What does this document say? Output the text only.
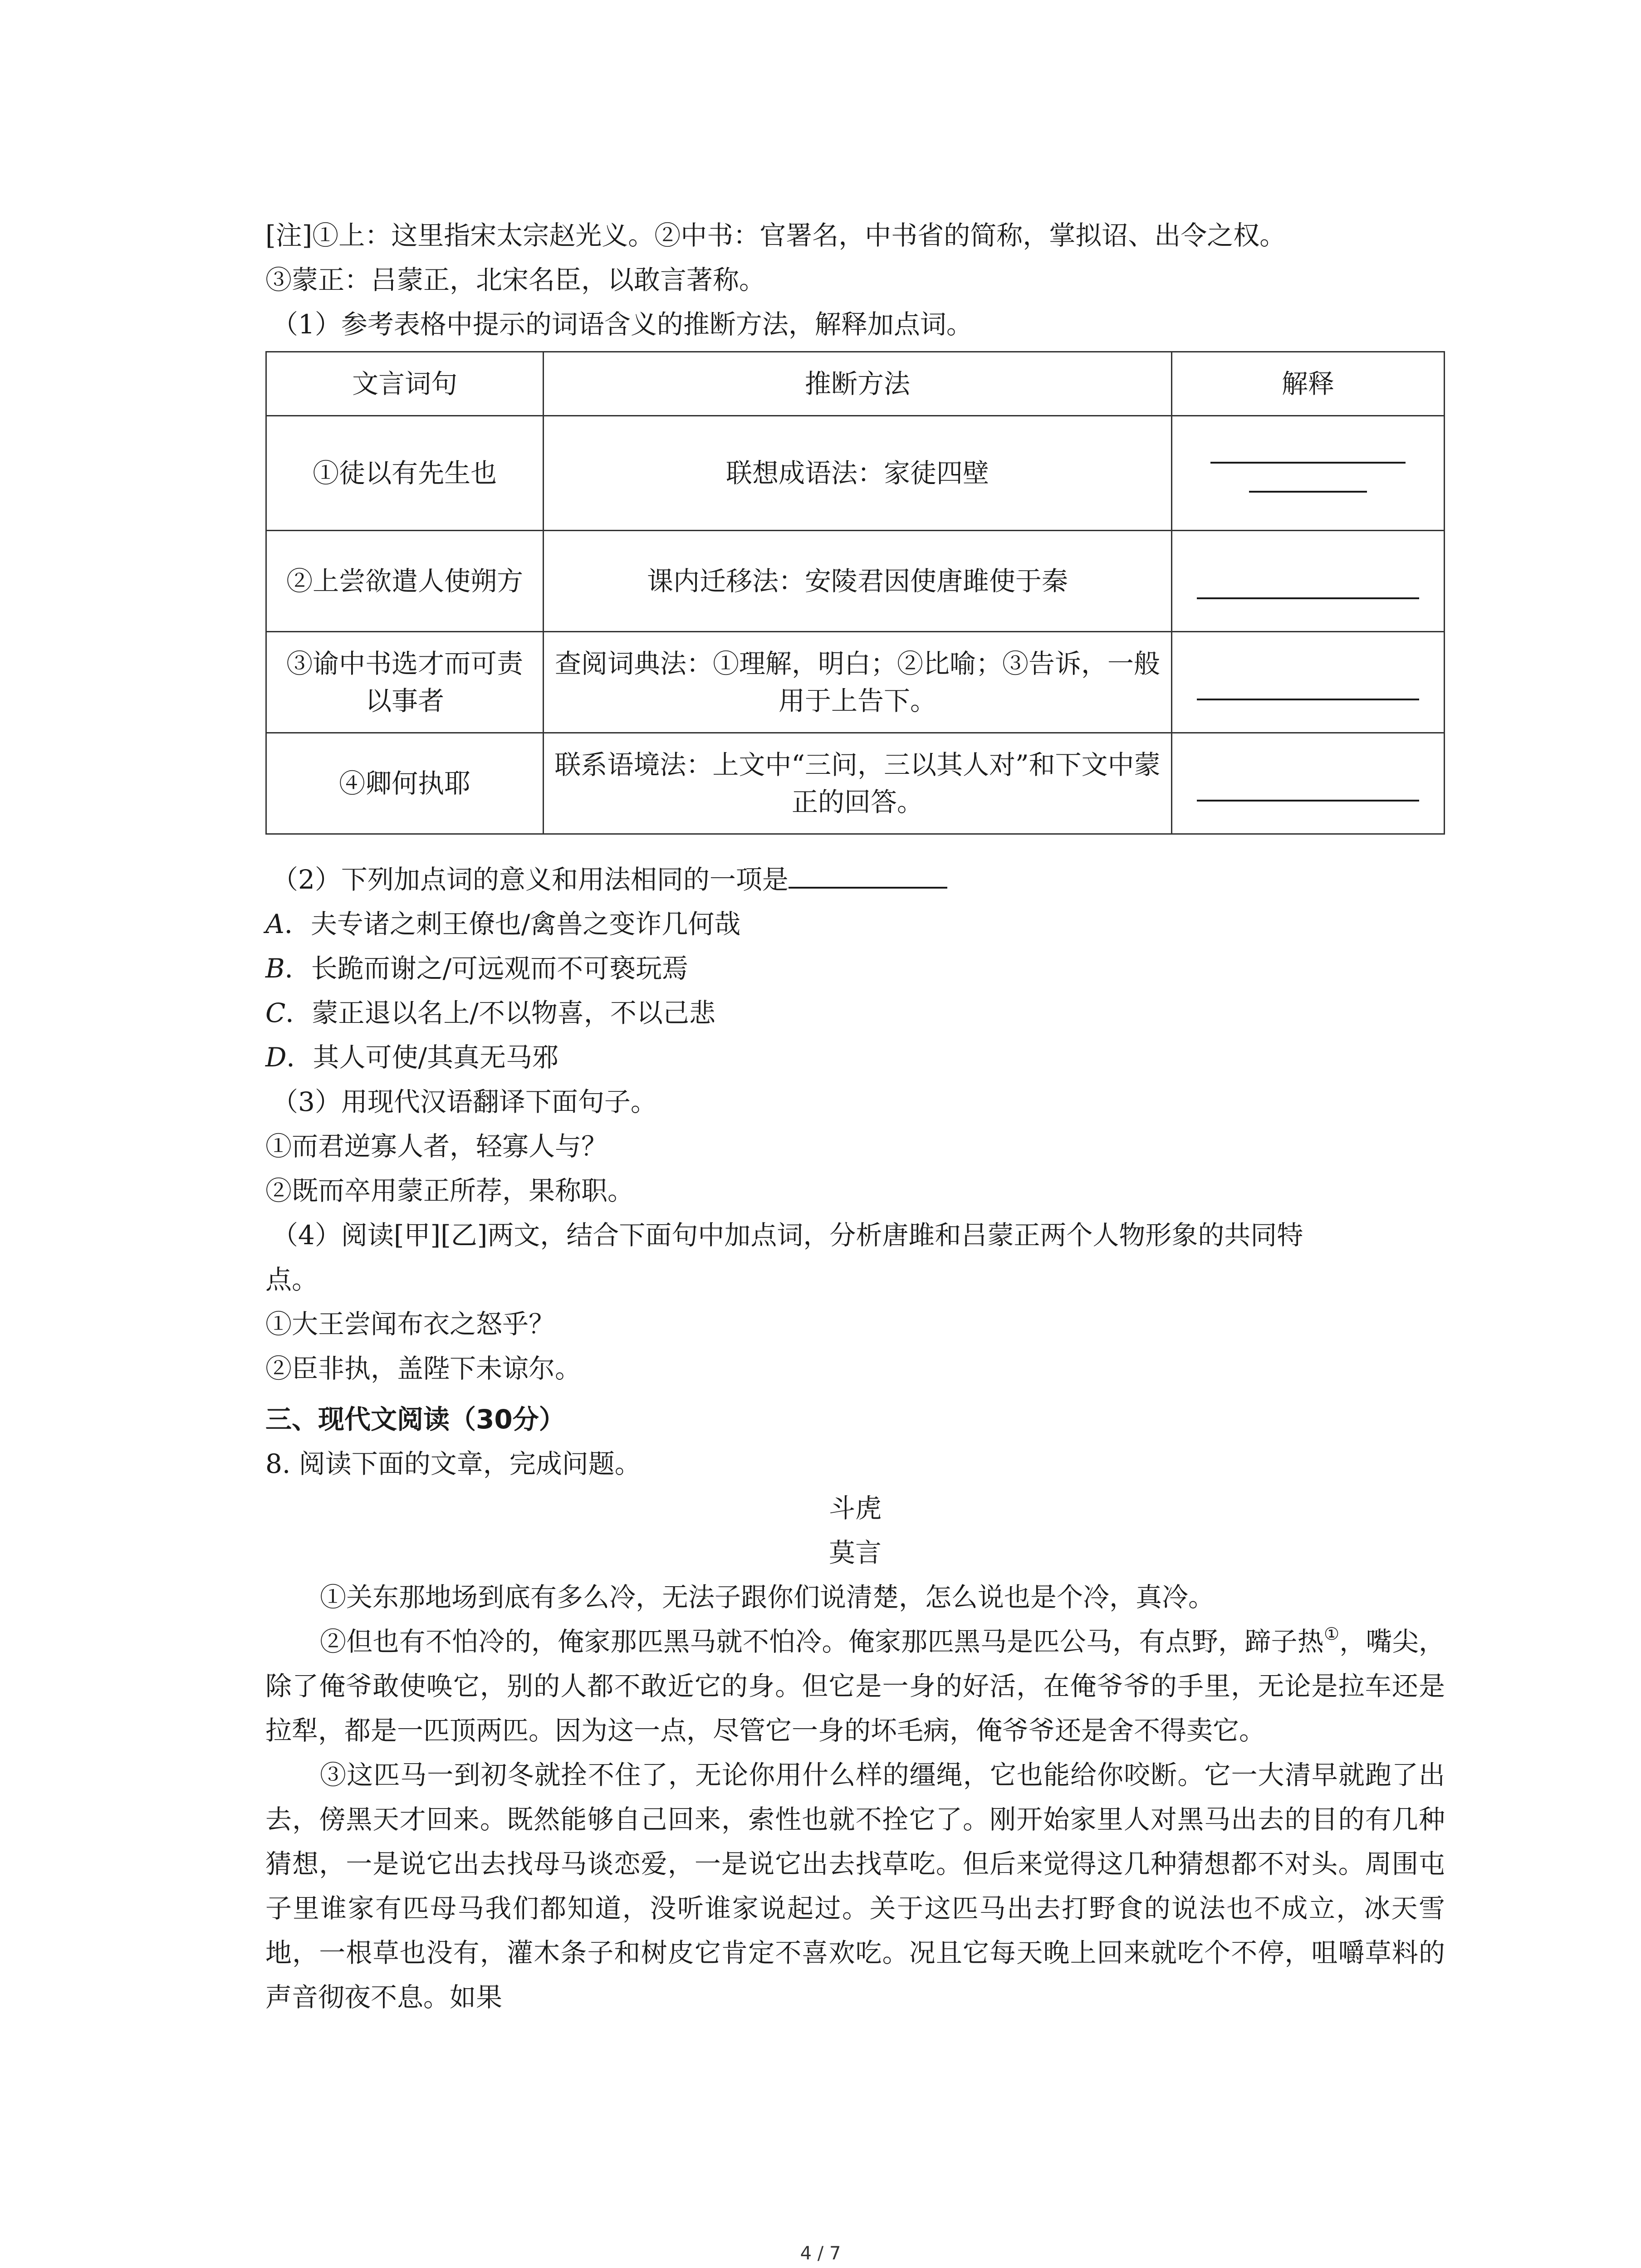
[注]①上：这里指宋太宗赵光义。②中书：官署名，中书省的简称，掌拟诏、出令之权。
③蒙正：吕蒙正，北宋名臣，以敢言著称。
（1）参考表格中提示的词语含义的推断方法，解释加点词。
文言词句	推断方法	解释
①徒以有先生也	联想成语法：家徒四壁	

②上尝欲遣人使朔方	课内迁移法：安陵君因使唐雎使于秦	

③谕中书选才而可责以事者	查阅词典法：①理解，明白；②比喻；③告诉，一般用于上告下。	

④卿何执耶	联系语境法：上文中“三问，三以其人对”和下文中蒙正的回答。	
（2）下列加点词的意义和用法相同的一项是
A．夫专诸之刺王僚也/禽兽之变诈几何哉
B．长跪而谢之/可远观而不可亵玩焉
C．蒙正退以名上/不以物喜，不以己悲
D．其人可使/其真无马邪
（3）用现代汉语翻译下面句子。
①而君逆寡人者，轻寡人与？
②既而卒用蒙正所荐，果称职。
（4）阅读[甲][乙]两文，结合下面句中加点词，分析唐雎和吕蒙正两个人物形象的共同特
点。
①大王尝闻布衣之怒乎？
②臣非执，盖陛下未谅尔。
三、现代文阅读（30分）
8. 阅读下面的文章，完成问题。
斗虎
莫言
①关东那地场到底有多么冷，无法子跟你们说清楚，怎么说也是个冷，真冷。
②但也有不怕冷的，俺家那匹黑马就不怕冷。俺家那匹黑马是匹公马，有点野，蹄子热①，嘴尖，除了俺爷敢使唤它，别的人都不敢近它的身。但它是一身的好活，在俺爷爷的手里，无论是拉车还是拉犁，都是一匹顶两匹。因为这一点，尽管它一身的坏毛病，俺爷爷还是舍不得卖它。
③这匹马一到初冬就拴不住了，无论你用什么样的缰绳，它也能给你咬断。它一大清早就跑了出去，傍黑天才回来。既然能够自己回来，索性也就不拴它了。刚开始家里人对黑马出去的目的有几种猜想，一是说它出去找母马谈恋爱，一是说它出去找草吃。但后来觉得这几种猜想都不对头。周围屯子里谁家有匹母马我们都知道，没听谁家说起过。关于这匹马出去打野食的说法也不成立，冰天雪地，一根草也没有，灌木条子和树皮它肯定不喜欢吃。况且它每天晚上回来就吃个不停，咀嚼草料的声音彻夜不息。如果
4 / 7
